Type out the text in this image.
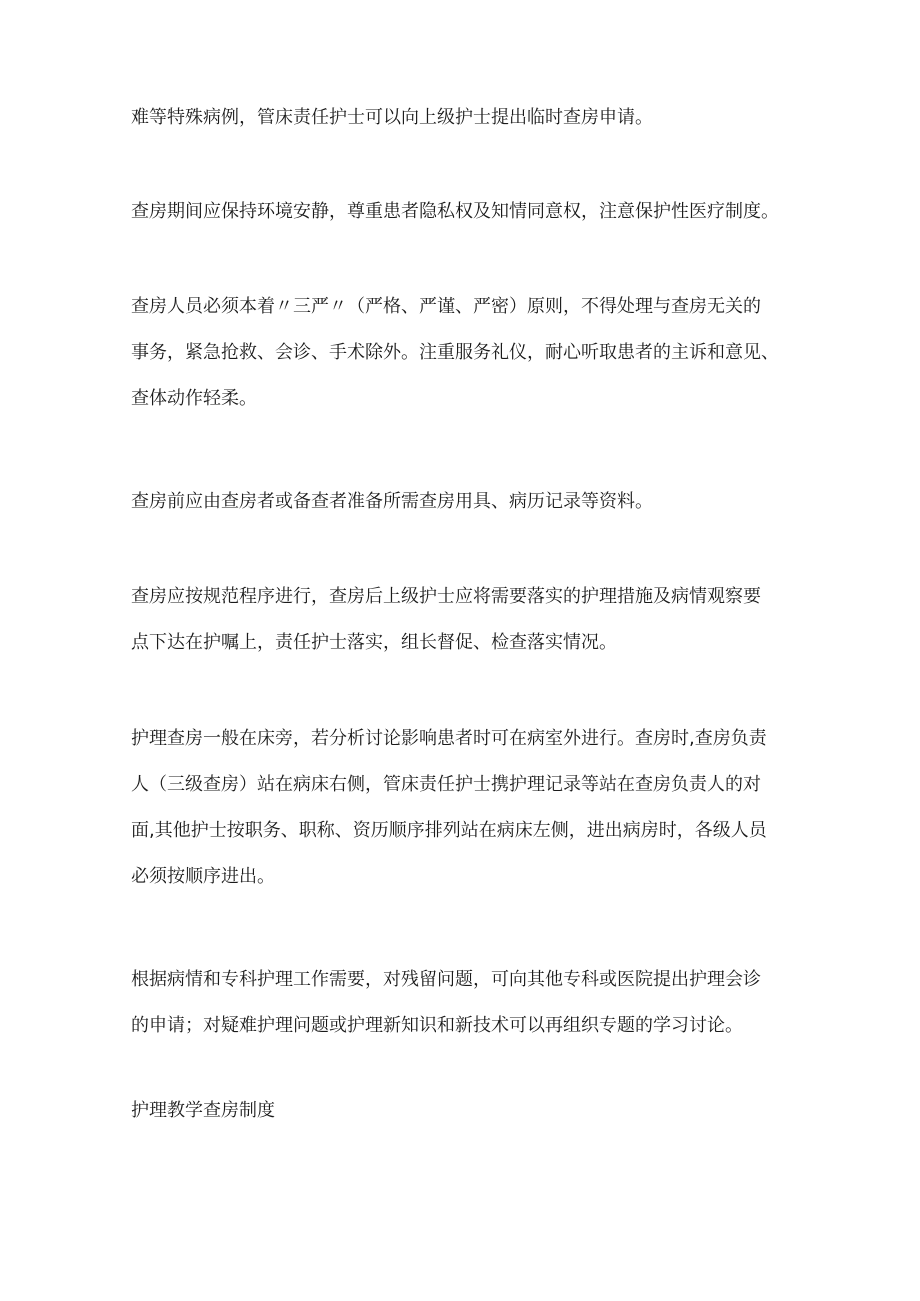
难等特殊病例，管床责任护士可以向上级护士提出临时查房申请。

查房期间应保持环境安静，尊重患者隐私权及知情同意权，注意保护性医疗制度。

查房人员必须本着〃三严〃（严格、严谨、严密）原则，不得处理与查房无关的
事务，紧急抢救、会诊、手术除外。注重服务礼仪，耐心听取患者的主诉和意见、
查体动作轻柔。

查房前应由查房者或备查者准备所需查房用具、病历记录等资料。

查房应按规范程序进行，查房后上级护士应将需要落实的护理措施及病情观察要
点下达在护嘱上，责任护士落实，组长督促、检查落实情况。

护理查房一般在床旁，若分析讨论影响患者时可在病室外进行。查房时,查房负责
人（三级查房）站在病床右侧，管床责任护士携护理记录等站在查房负责人的对
面,其他护士按职务、职称、资历顺序排列站在病床左侧，进出病房时，各级人员
必须按顺序进出。

根据病情和专科护理工作需要，对残留问题，可向其他专科或医院提出护理会诊
的申请；对疑难护理问题或护理新知识和新技术可以再组织专题的学习讨论。

护理教学查房制度
